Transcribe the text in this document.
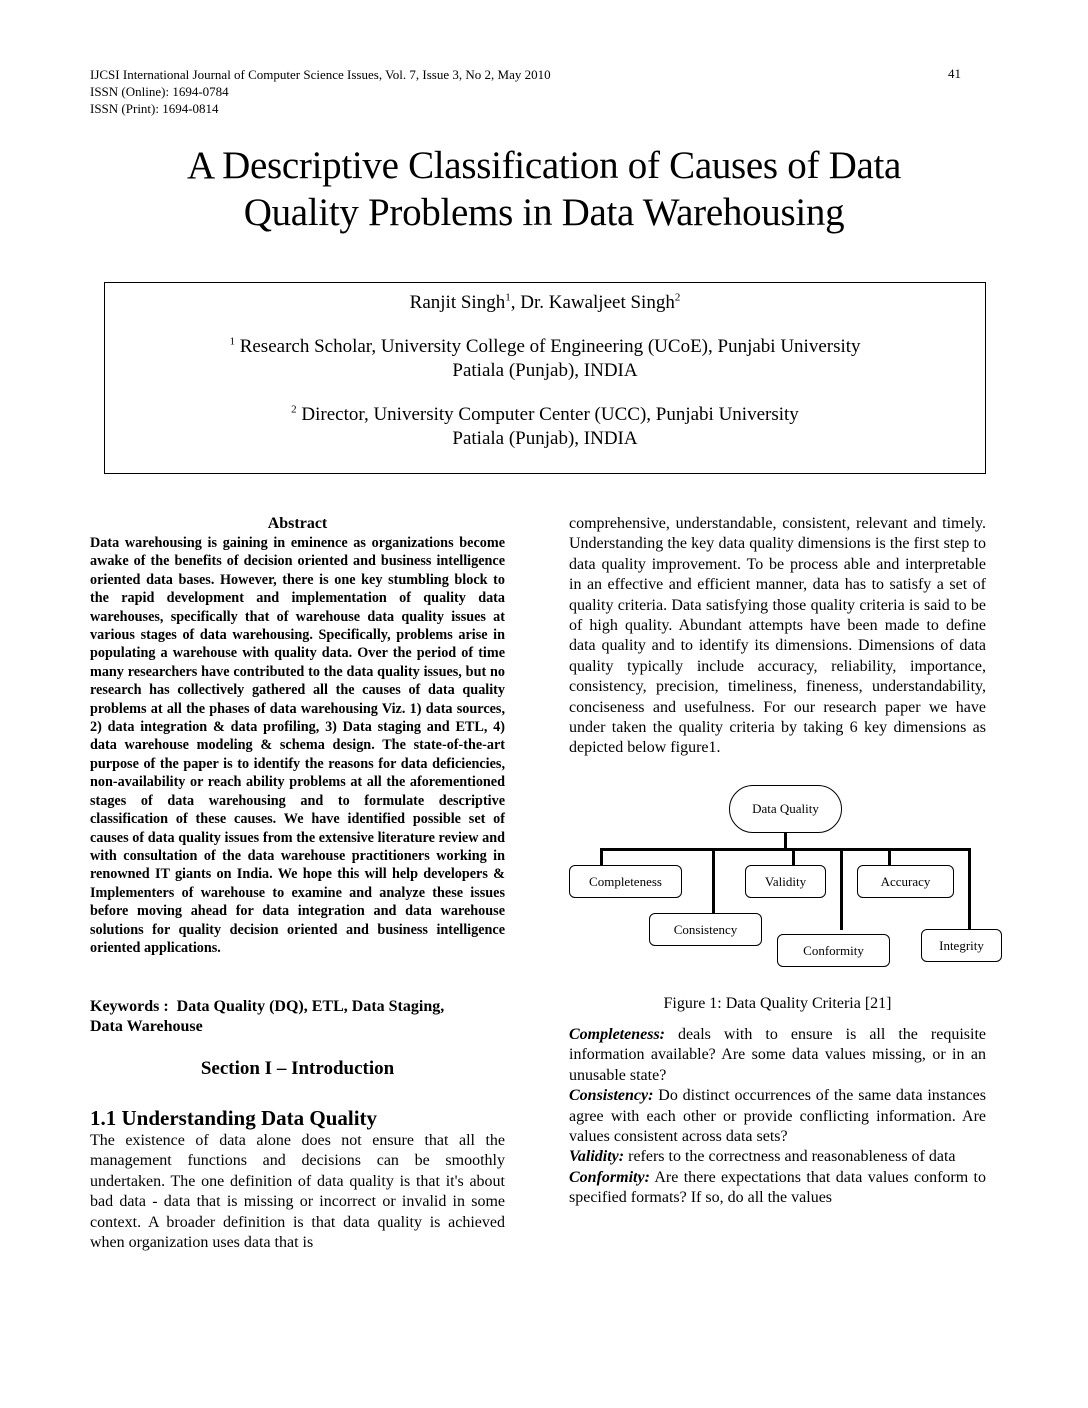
IJCSI International Journal of Computer Science Issues, Vol. 7, Issue 3, No 2, May 2010
ISSN (Online): 1694-0784
ISSN (Print): 1694-0814
41
A Descriptive Classification of Causes of Data
Quality Problems in Data Warehousing
Ranjit Singh$^1$, Dr. Kawaljeet Singh$^2$
$^1$ Research Scholar, University College of Engineering (UCoE), Punjabi University
Patiala (Punjab), INDIA
$^2$ Director, University Computer Center (UCC), Punjabi University
Patiala (Punjab), INDIA
Abstract
Data warehousing is gaining in eminence as organizations become awake of the benefits of decision oriented and business intelligence oriented data bases. However, there is one key stumbling block to the rapid development and implementation of quality data warehouses, specifically that of warehouse data quality issues at various stages of data warehousing. Specifically, problems arise in populating a warehouse with quality data. Over the period of time many researchers have contributed to the data quality issues, but no research has collectively gathered all the causes of data quality problems at all the phases of data warehousing Viz. 1) data sources, 2) data integration & data profiling, 3) Data staging and ETL, 4) data warehouse modeling & schema design. The state-of-the-art purpose of the paper is to identify the reasons for data deficiencies, non-availability or reach ability problems at all the aforementioned stages of data warehousing and to formulate descriptive classification of these causes. We have identified possible set of causes of data quality issues from the extensive literature review and with consultation of the data warehouse practitioners working in renowned IT giants on India. We hope this will help developers & Implementers of warehouse to examine and analyze these issues before moving ahead for data integration and data warehouse solutions for quality decision oriented and business intelligence oriented applications.
Keywords : Data Quality (DQ), ETL, Data Staging,
Data Warehouse
Section I – Introduction
1.1 Understanding Data Quality
The existence of data alone does not ensure that all the management functions and decisions can be smoothly undertaken. The one definition of data quality is that it's about bad data - data that is missing or incorrect or invalid in some context. A broader definition is that data quality is achieved when organization uses data that is
comprehensive, understandable, consistent, relevant and timely. Understanding the key data quality dimensions is the first step to data quality improvement. To be process able and interpretable in an effective and efficient manner, data has to satisfy a set of quality criteria. Data satisfying those quality criteria is said to be of high quality. Abundant attempts have been made to define data quality and to identify its dimensions. Dimensions of data quality typically include accuracy, reliability, importance, consistency, precision, timeliness, fineness, understandability, conciseness and usefulness. For our research paper we have under taken the quality criteria by taking 6 key dimensions as depicted below figure1.
Data Quality
Completeness
Consistency
Validity
Conformity
Accuracy
Integrity
Figure 1: Data Quality Criteria [21]
Completeness: deals with to ensure is all the requisite information available? Are some data values missing, or in an unusable state?
Consistency: Do distinct occurrences of the same data instances agree with each other or provide conflicting information. Are values consistent across data sets?
Validity: refers to the correctness and reasonableness of data
Conformity: Are there expectations that data values conform to specified formats? If so, do all the values
